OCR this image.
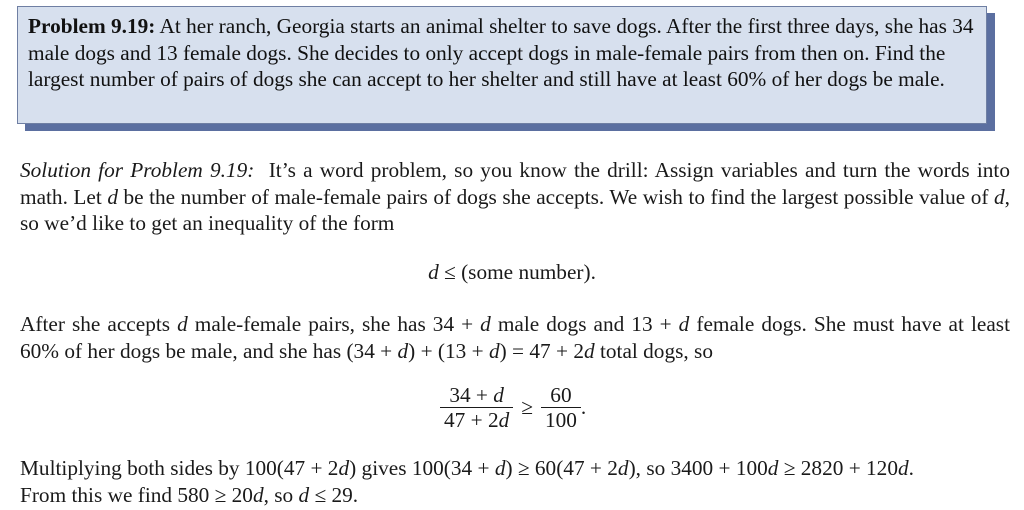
Problem 9.19: At her ranch, Georgia starts an animal shelter to save dogs. After the first three days, she has 34 male dogs and 13 female dogs. She decides to only accept dogs in male-female pairs from then on. Find the largest number of pairs of dogs she can accept to her shelter and still have at least 60% of her dogs be male.

Solution for Problem 9.19: It’s a word problem, so you know the drill: Assign variables and turn the words into math. Let d be the number of male-female pairs of dogs she accepts. We wish to find the largest possible value of d, so we’d like to get an inequality of the form

d ≤ (some number).
After she accepts d male-female pairs, she has 34 + d male dogs and 13 + d female dogs. She must have at least 60% of her dogs be male, and she has (34 + d) + (13 + d) = 47 + 2d total dogs, so
$\frac{34 + d}{47 + 2d} \ge \frac{60}{100}$ .
Multiplying both sides by 100(47 + 2d) gives 100(34 + d) ≥ 60(47 + 2d), so 3400 + 100d ≥ 2820 + 120d.
From this we find 580 ≥ 20d, so d ≤ 29.
